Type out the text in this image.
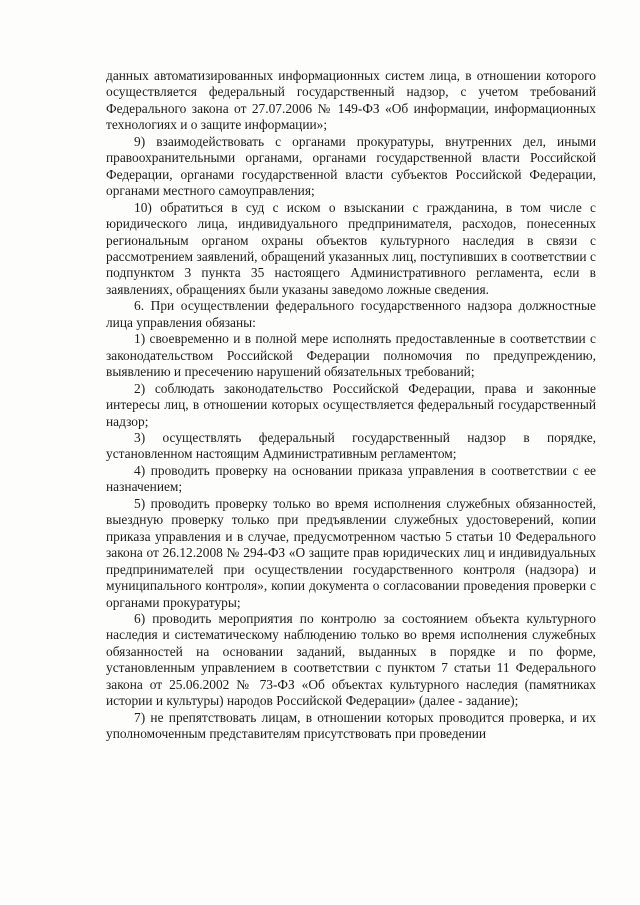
данных автоматизированных информационных систем лица, в отношении которого осуществляется федеральный государственный надзор, с учетом требований Федерального закона от 27.07.2006 № 149-ФЗ «Об информации, информационных технологиях и о защите информации»;

9) взаимодействовать с органами прокуратуры, внутренних дел, иными правоохранительными органами, органами государственной власти Российской Федерации, органами государственной власти субъектов Российской Федерации, органами местного самоуправления;

10) обратиться в суд с иском о взыскании с гражданина, в том числе с юридического лица, индивидуального предпринимателя, расходов, понесенных региональным органом охраны объектов культурного наследия в связи с рассмотрением заявлений, обращений указанных лиц, поступивших в соответствии с подпунктом 3 пункта 35 настоящего Административного регламента, если в заявлениях, обращениях были указаны заведомо ложные сведения.

6. При осуществлении федерального государственного надзора должностные лица управления обязаны:

1) своевременно и в полной мере исполнять предоставленные в соответствии с законодательством Российской Федерации полномочия по предупреждению, выявлению и пресечению нарушений обязательных требований;

2) соблюдать законодательство Российской Федерации, права и законные интересы лиц, в отношении которых осуществляется федеральный государственный надзор;

3) осуществлять федеральный государственный надзор в порядке, установленном настоящим Административным регламентом;

4) проводить проверку на основании приказа управления в соответствии с ее назначением;

5) проводить проверку только во время исполнения служебных обязанностей, выездную проверку только при предъявлении служебных удостоверений, копии приказа управления и в случае, предусмотренном частью 5 статьи 10 Федерального закона от 26.12.2008 № 294-ФЗ «О защите прав юридических лиц и индивидуальных предпринимателей при осуществлении государственного контроля (надзора) и муниципального контроля», копии документа о согласовании проведения проверки с органами прокуратуры;

6) проводить мероприятия по контролю за состоянием объекта культурного наследия и систематическому наблюдению только во время исполнения служебных обязанностей на основании заданий, выданных в порядке и по форме, установленным управлением в соответствии с пунктом 7 статьи 11 Федерального закона от 25.06.2002 № 73-ФЗ «Об объектах культурного наследия (памятниках истории и культуры) народов Российской Федерации» (далее - задание);

7) не препятствовать лицам, в отношении которых проводится проверка, и их уполномоченным представителям присутствовать при проведении
